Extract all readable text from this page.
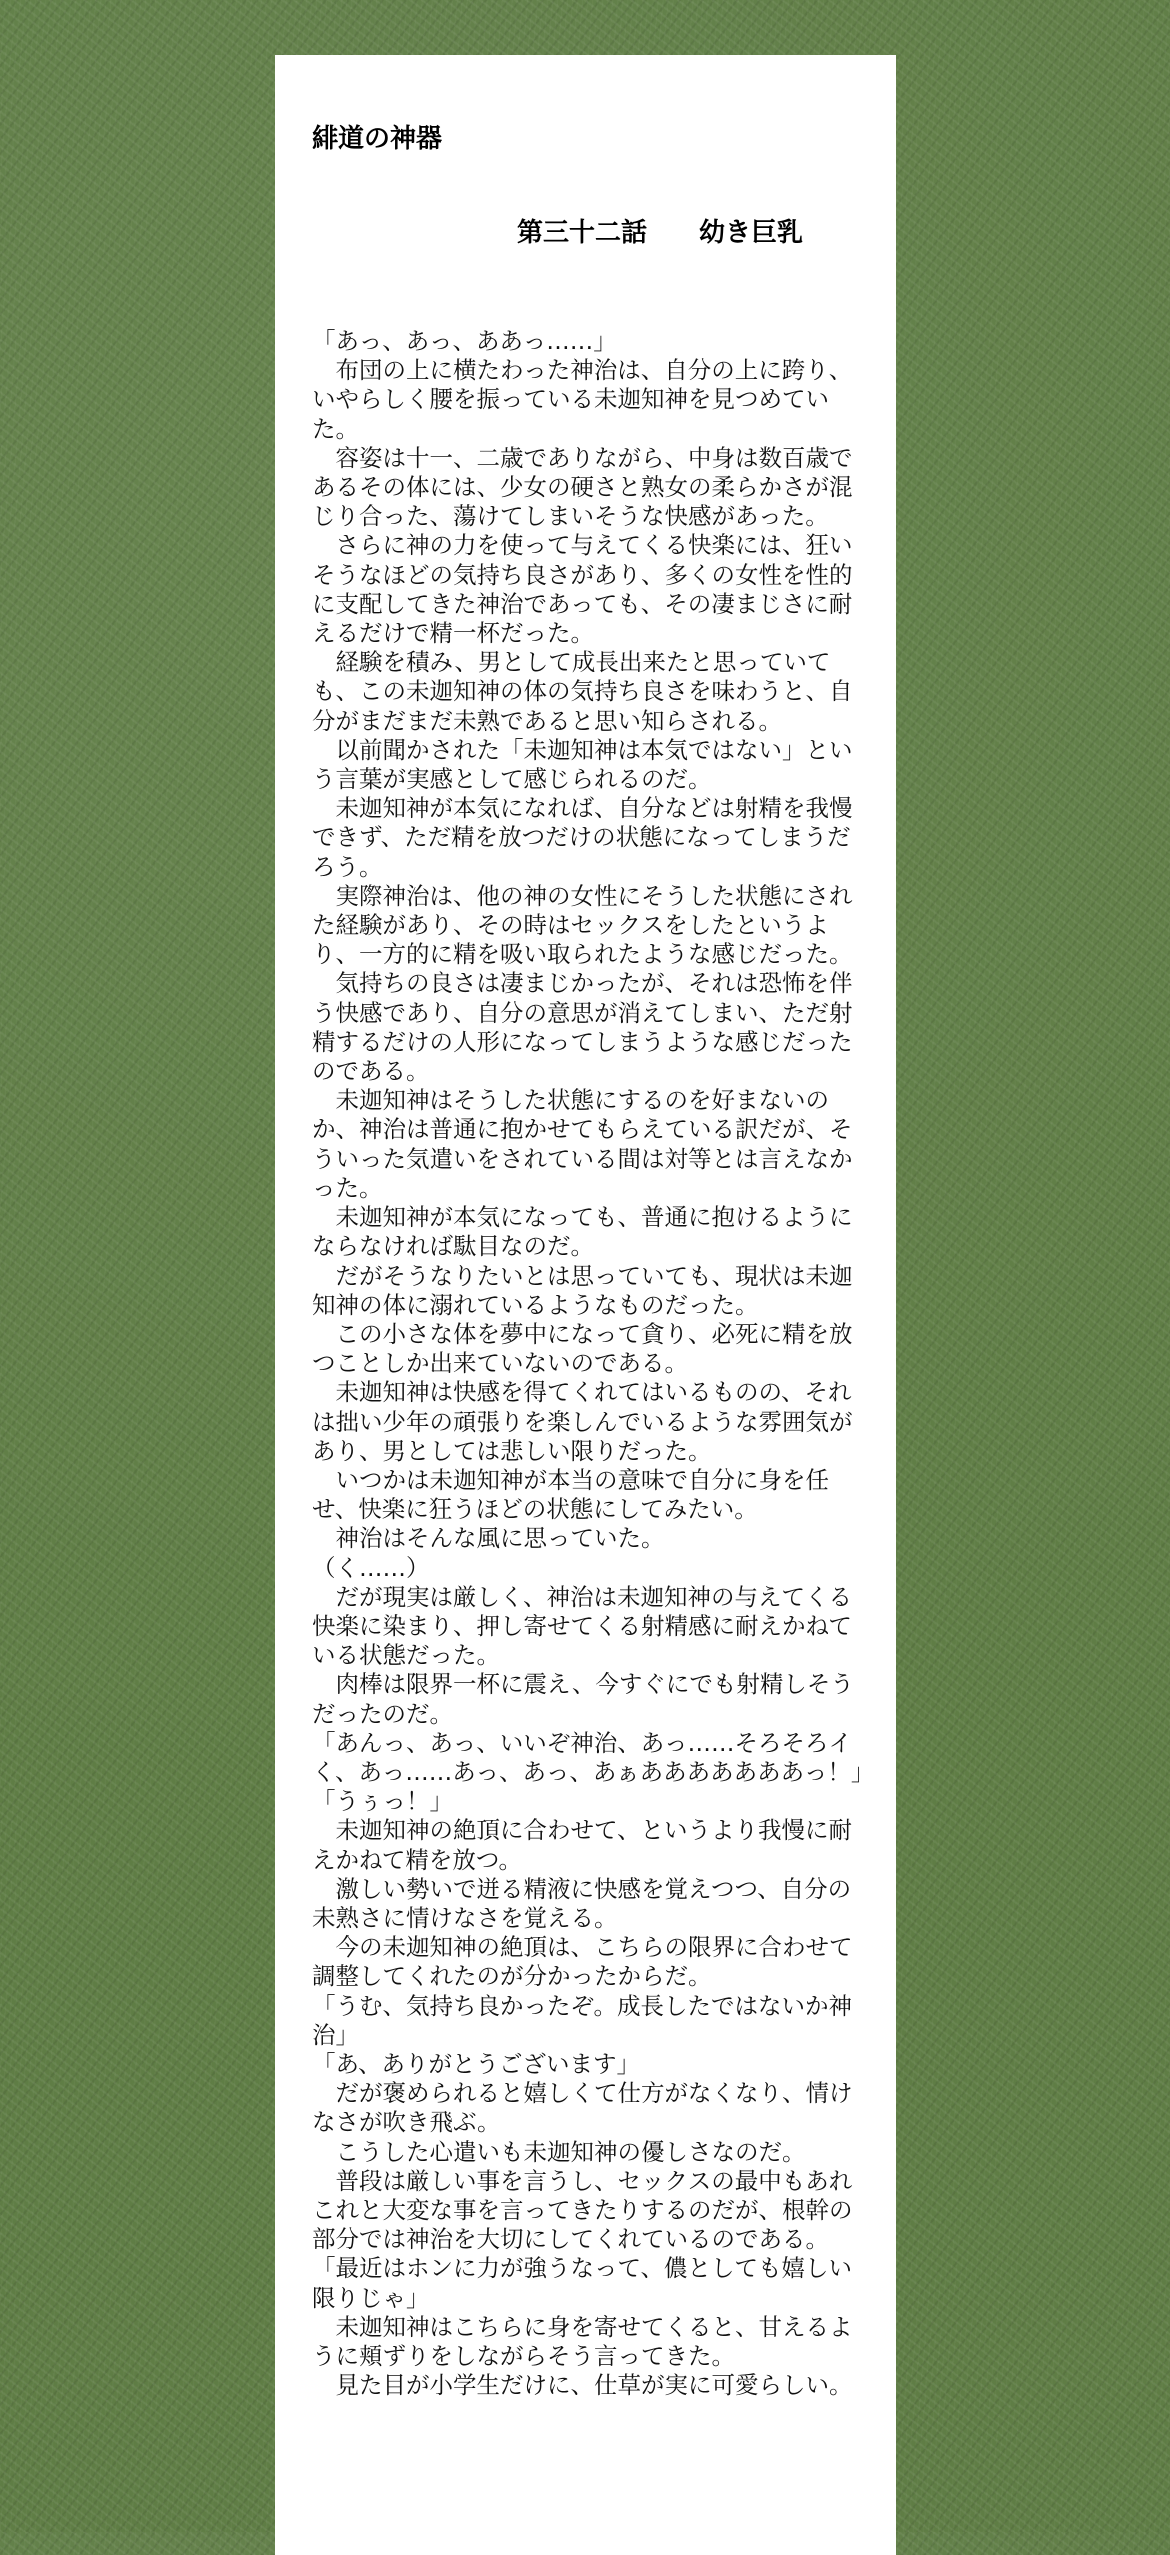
緋道の神器
第三十二話　　幼き巨乳

「あっ、あっ、ああっ……」

　布団の上に横たわった神治は、自分の上に跨り、いやらしく腰を振っている未迦知神を見つめていた。

　容姿は十一、二歳でありながら、中身は数百歳であるその体には、少女の硬さと熟女の柔らかさが混じり合った、蕩けてしまいそうな快感があった。

　さらに神の力を使って与えてくる快楽には、狂いそうなほどの気持ち良さがあり、多くの女性を性的に支配してきた神治であっても、その凄まじさに耐えるだけで精一杯だった。

　経験を積み、男として成長出来たと思っていても、この未迦知神の体の気持ち良さを味わうと、自分がまだまだ未熟であると思い知らされる。

　以前聞かされた「未迦知神は本気ではない」という言葉が実感として感じられるのだ。

　未迦知神が本気になれば、自分などは射精を我慢できず、ただ精を放つだけの状態になってしまうだろう。

　実際神治は、他の神の女性にそうした状態にされた経験があり、その時はセックスをしたというより、一方的に精を吸い取られたような感じだった。

　気持ちの良さは凄まじかったが、それは恐怖を伴う快感であり、自分の意思が消えてしまい、ただ射精するだけの人形になってしまうような感じだったのである。

　未迦知神はそうした状態にするのを好まないのか、神治は普通に抱かせてもらえている訳だが、そういった気遣いをされている間は対等とは言えなかった。

　未迦知神が本気になっても、普通に抱けるようにならなければ駄目なのだ。

　だがそうなりたいとは思っていても、現状は未迦知神の体に溺れているようなものだった。

　この小さな体を夢中になって貪り、必死に精を放つことしか出来ていないのである。

　未迦知神は快感を得てくれてはいるものの、それは拙い少年の頑張りを楽しんでいるような雰囲気があり、男としては悲しい限りだった。

　いつかは未迦知神が本当の意味で自分に身を任せ、快楽に狂うほどの状態にしてみたい。

　神治はそんな風に思っていた。

（く……）

　だが現実は厳しく、神治は未迦知神の与えてくる快楽に染まり、押し寄せてくる射精感に耐えかねている状態だった。

　肉棒は限界一杯に震え、今すぐにでも射精しそうだったのだ。

「あんっ、あっ、いいぞ神治、あっ……そろそろイく、あっ……あっ、あっ、あぁあああああああっ！」

「うぅっ！」

　未迦知神の絶頂に合わせて、というより我慢に耐えかねて精を放つ。

　激しい勢いで迸る精液に快感を覚えつつ、自分の未熟さに情けなさを覚える。

　今の未迦知神の絶頂は、こちらの限界に合わせて調整してくれたのが分かったからだ。

「うむ、気持ち良かったぞ。成長したではないか神治」

「あ、ありがとうございます」

　だが褒められると嬉しくて仕方がなくなり、情けなさが吹き飛ぶ。

　こうした心遣いも未迦知神の優しさなのだ。

　普段は厳しい事を言うし、セックスの最中もあれこれと大変な事を言ってきたりするのだが、根幹の部分では神治を大切にしてくれているのである。

「最近はホンに力が強うなって、儂としても嬉しい限りじゃ」

　未迦知神はこちらに身を寄せてくると、甘えるように頬ずりをしながらそう言ってきた。

　見た目が小学生だけに、仕草が実に可愛らしい。
